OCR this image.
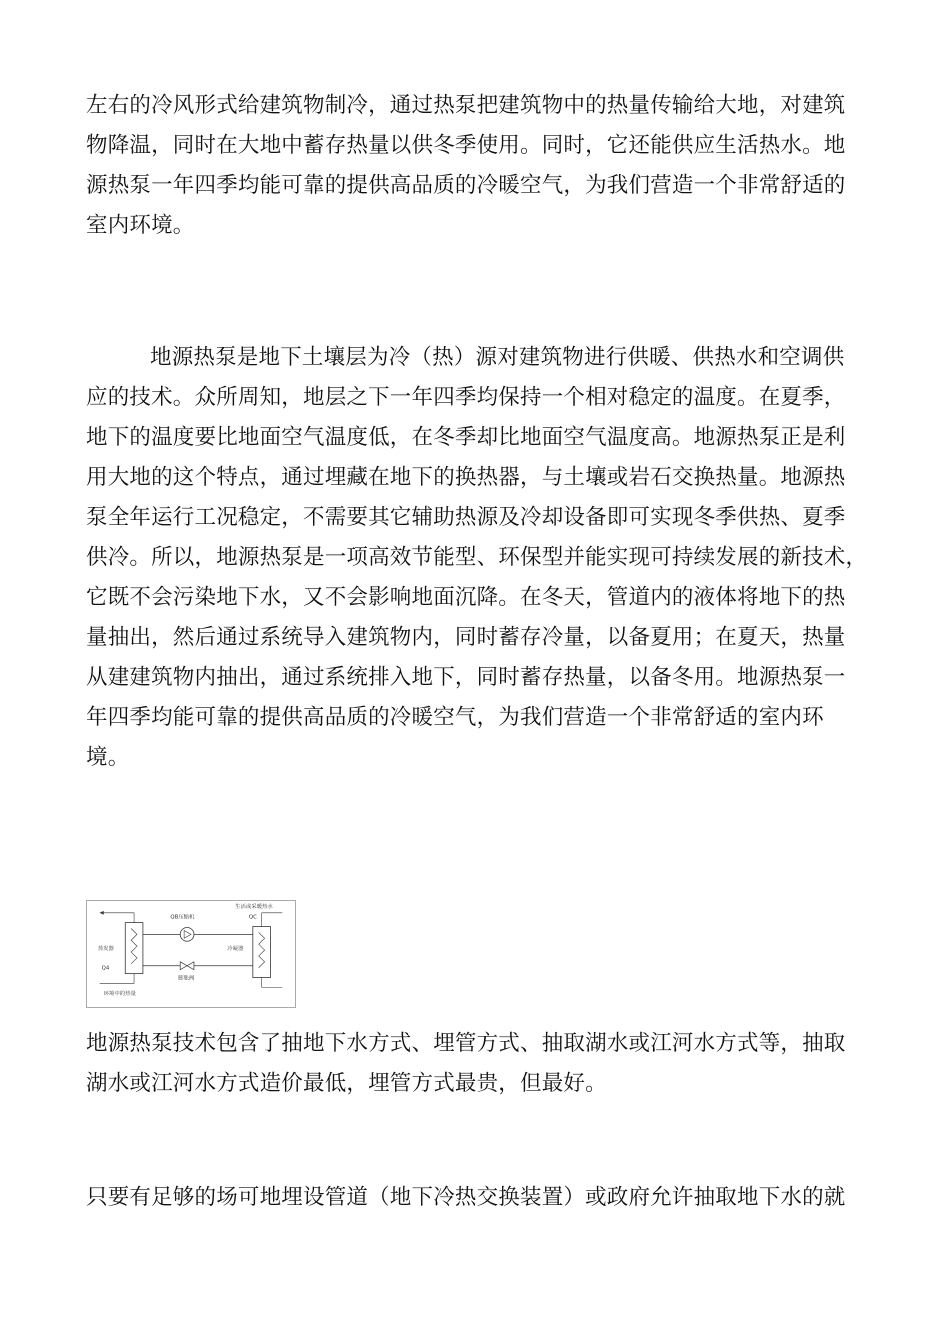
左右的冷风形式给建筑物制冷，通过热泵把建筑物中的热量传输给大地，对建筑
物降温，同时在大地中蓄存热量以供冬季使用。同时，它还能供应生活热水。地
源热泵一年四季均能可靠的提供高品质的冷暖空气，为我们营造一个非常舒适的
室内环境。

地源热泵是地下土壤层为冷（热）源对建筑物进行供暖、供热水和空调供
应的技术。众所周知，地层之下一年四季均保持一个相对稳定的温度。在夏季，
地下的温度要比地面空气温度低，在冬季却比地面空气温度高。地源热泵正是利
用大地的这个特点，通过埋藏在地下的换热器，与土壤或岩石交换热量。地源热
泵全年运行工况稳定，不需要其它辅助热源及冷却设备即可实现冬季供热、夏季
供冷。所以，地源热泵是一项高效节能型、环保型并能实现可持续发展的新技术，
它既不会污染地下水，又不会影响地面沉降。在冬天，管道内的液体将地下的热
量抽出，然后通过系统导入建筑物内，同时蓄存冷量，以备夏用；在夏天，热量
从建建筑物内抽出，通过系统排入地下，同时蓄存热量，以备冬用。地源热泵一
年四季均能可靠的提供高品质的冷暖空气，为我们营造一个非常舒适的室内环
境。

QB压缩机
生活或采暖热水
QC
蒸发器
Q4
冷凝器
膨胀阀
环境中的热量

地源热泵技术包含了抽地下水方式、埋管方式、抽取湖水或江河水方式等，抽取
湖水或江河水方式造价最低，埋管方式最贵，但最好。

只要有足够的场可地埋设管道（地下冷热交换装置）或政府允许抽取地下水的就
